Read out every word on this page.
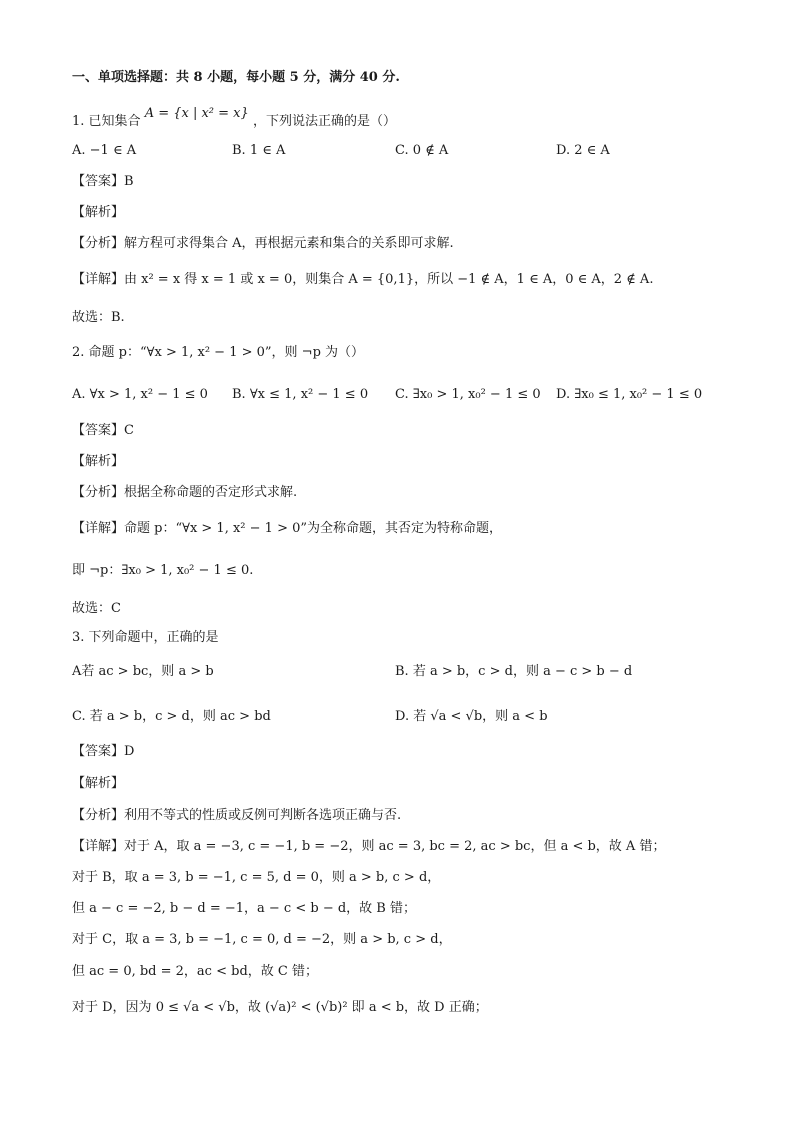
一、单项选择题：共 8 小题，每小题 5 分，满分 40 分.
1. 已知集合 A = {x | x² = x} ，下列说法正确的是（）
A. −1 ∈ A	B. 1 ∈ A	C. 0 ∉ A	D. 2 ∈ A
【答案】B
【解析】
【分析】解方程可求得集合 A，再根据元素和集合的关系即可求解.
【详解】由 x² = x 得 x = 1 或 x = 0，则集合 A = {0,1}，所以 −1 ∉ A，1 ∈ A，0 ∈ A，2 ∉ A.
故选：B.
2. 命题 p：“∀x > 1, x² − 1 > 0”，则 ¬p 为（）
A. ∀x > 1, x² − 1 ≤ 0 B. ∀x ≤ 1, x² − 1 ≤ 0 C. ∃x₀ > 1, x₀² − 1 ≤ 0 D. ∃x₀ ≤ 1, x₀² − 1 ≤ 0
【答案】C
【解析】
【分析】根据全称命题的否定形式求解.
【详解】命题 p：“∀x > 1, x² − 1 > 0”为全称命题，其否定为特称命题，
即 ¬p：∃x₀ > 1, x₀² − 1 ≤ 0.
故选：C
3. 下列命题中，正确的是
A若 ac > bc，则 a > b	B. 若 a > b，c > d，则 a − c > b − d
C. 若 a > b，c > d，则 ac > bd	D. 若 √a < √b，则 a < b
【答案】D
【解析】
【分析】利用不等式的性质或反例可判断各选项正确与否.
【详解】对于 A，取 a = −3, c = −1, b = −2，则 ac = 3, bc = 2, ac > bc，但 a < b，故 A 错；
对于 B，取 a = 3, b = −1, c = 5, d = 0，则 a > b, c > d，
但 a − c = −2, b − d = −1，a − c < b − d，故 B 错；
对于 C，取 a = 3, b = −1, c = 0, d = −2，则 a > b, c > d，
但 ac = 0, bd = 2，ac < bd，故 C 错；
对于 D，因为 0 ≤ √a < √b，故 (√a)² < (√b)² 即 a < b，故 D 正确；
